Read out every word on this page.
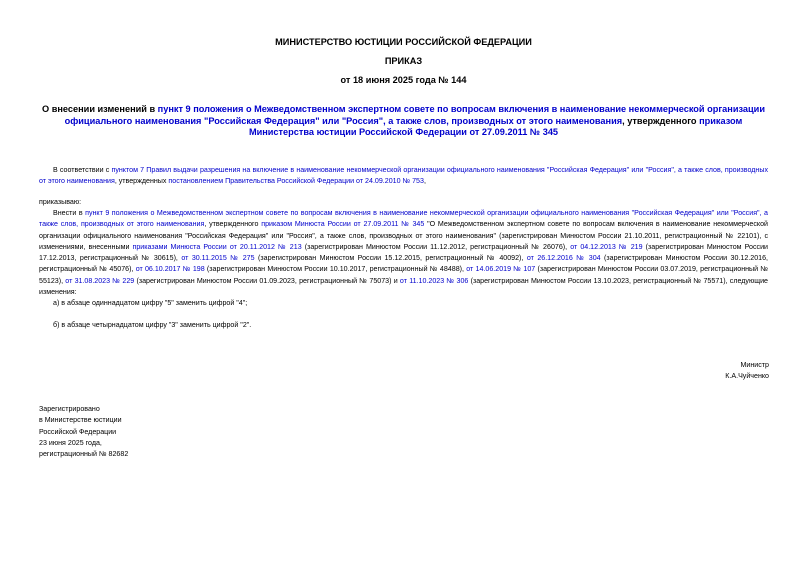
МИНИСТЕРСТВО ЮСТИЦИИ РОССИЙСКОЙ ФЕДЕРАЦИИ
ПРИКАЗ
от 18 июня 2025 года № 144
О внесении изменений в пункт 9 положения о Межведомственном экспертном совете по вопросам включения в наименование некоммерческой организации официального наименования "Российская Федерация" или "Россия", а также слов, производных от этого наименования, утвержденного приказом Министерства юстиции Российской Федерации от 27.09.2011 № 345

В соответствии с пунктом 7 Правил выдачи разрешения на включение в наименование некоммерческой организации официального наименования "Российская Федерация" или "Россия", а также слов, производных от этого наименования, утвержденных постановлением Правительства Российской Федерации от 24.09.2010 № 753,

приказываю:

Внести в пункт 9 положения о Межведомственном экспертном совете по вопросам включения в наименование некоммерческой организации официального наименования "Российская Федерация" или "Россия", а также слов, производных от этого наименования, утвержденного приказом Минюста России от 27.09.2011 № 345 "О Межведомственном экспертном совете по вопросам включения в наименование некоммерческой организации официального наименования "Российская Федерация" или "Россия", а также слов, производных от этого наименования" (зарегистрирован Минюстом России 21.10.2011, регистрационный № 22101), с изменениями, внесенными приказами Минюста России от 20.11.2012 № 213 (зарегистрирован Минюстом России 11.12.2012, регистрационный № 26076), от 04.12.2013 № 219 (зарегистрирован Минюстом России 17.12.2013, регистрационный № 30615), от 30.11.2015 № 275 (зарегистрирован Минюстом России 15.12.2015, регистрационный № 40092), от 26.12.2016 № 304 (зарегистрирован Минюстом России 30.12.2016, регистрационный № 45076), от 06.10.2017 № 198 (зарегистрирован Минюстом России 10.10.2017, регистрационный № 48488), от 14.06.2019 № 107 (зарегистрирован Минюстом России 03.07.2019, регистрационный № 55123), от 31.08.2023 № 229 (зарегистрирован Минюстом России 01.09.2023, регистрационный № 75073) и от 11.10.2023 № 306 (зарегистрирован Минюстом России 13.10.2023, регистрационный № 75571), следующие изменения:

а) в абзаце одиннадцатом цифру "5" заменить цифрой "4";

б) в абзаце четырнадцатом цифру "3" заменить цифрой "2".

Министр
К.А.Чуйченко
Зарегистрировано
в Министерстве юстиции
Российской Федерации
23 июня 2025 года,
регистрационный № 82682
